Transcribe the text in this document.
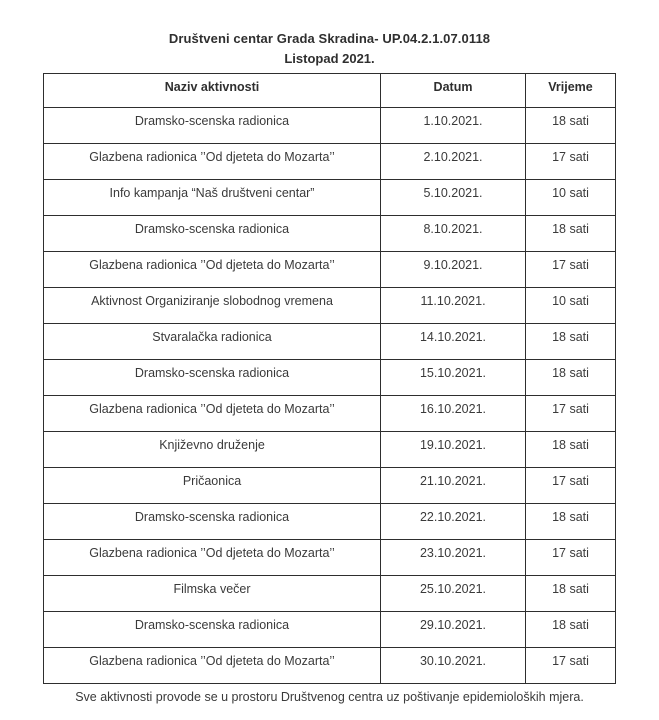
Društveni centar Grada Skradina- UP.04.2.1.07.0118
Listopad 2021.
Naziv aktivnosti	Datum	Vrijeme
Dramsko-scenska radionica	1.10.2021.	18 sati
Glazbena radionica ’’Od djeteta do Mozarta’’	2.10.2021.	17 sati
Info kampanja “Naš društveni centar”	5.10.2021.	10 sati
Dramsko-scenska radionica	8.10.2021.	18 sati
Glazbena radionica ’’Od djeteta do Mozarta’’	9.10.2021.	17 sati
Aktivnost Organiziranje slobodnog vremena	11.10.2021.	10 sati
Stvaralačka radionica	14.10.2021.	18 sati
Dramsko-scenska radionica	15.10.2021.	18 sati
Glazbena radionica ’’Od djeteta do Mozarta’’	16.10.2021.	17 sati
Književno druženje	19.10.2021.	18 sati
Pričaonica	21.10.2021.	17 sati
Dramsko-scenska radionica	22.10.2021.	18 sati
Glazbena radionica ’’Od djeteta do Mozarta’’	23.10.2021.	17 sati
Filmska večer	25.10.2021.	18 sati
Dramsko-scenska radionica	29.10.2021.	18 sati
Glazbena radionica ’’Od djeteta do Mozarta’’	30.10.2021.	17 sati
Sve aktivnosti provode se u prostoru Društvenog centra uz poštivanje epidemioloških mjera.
